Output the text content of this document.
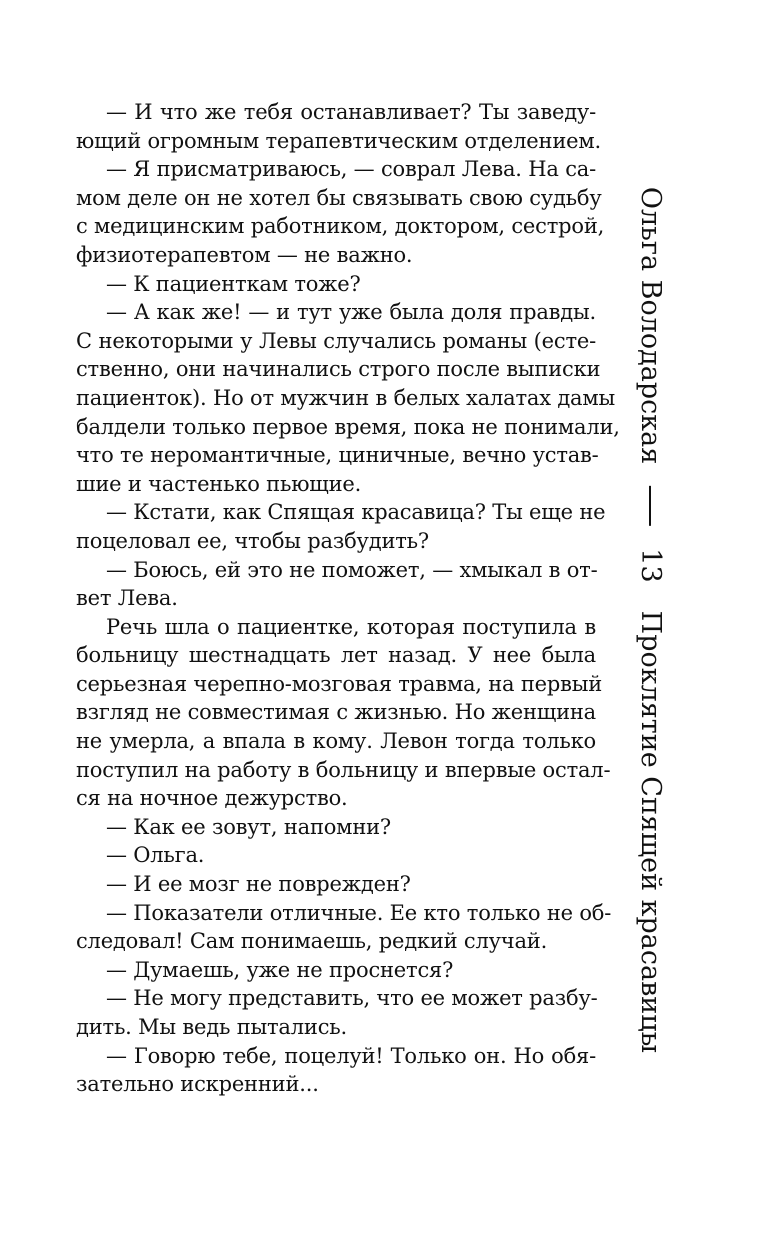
— И что же тебя останавливает? Ты заведу-
ющий огромным терапевтическим отделением.
— Я присматриваюсь, — соврал Лева. На са-
мом деле он не хотел бы связывать свою судьбу
с медицинским работником, доктором, сестрой,
физиотерапевтом — не важно.
— К пациенткам тоже?
— А как же! — и тут уже была доля правды.
С некоторыми у Левы случались романы (есте-
ственно, они начинались строго после выписки
пациенток). Но от мужчин в белых халатах дамы
балдели только первое время, пока не понимали,
что те неромантичные, циничные, вечно устав-
шие и частенько пьющие.
— Кстати, как Спящая красавица? Ты еще не
поцеловал ее, чтобы разбудить?
— Боюсь, ей это не поможет, — хмыкал в от-
вет Лева.
Речь шла о пациентке, которая поступила в
больницу шестнадцать лет назад. У нее была
серьезная черепно-мозговая травма, на первый
взгляд не совместимая с жизнью. Но женщина
не умерла, а впала в кому. Левон тогда только
поступил на работу в больницу и впервые остал-
ся на ночное дежурство.
— Как ее зовут, напомни?
— Ольга.
— И ее мозг не поврежден?
— Показатели отличные. Ее кто только не об-
следовал! Сам понимаешь, редкий случай.
— Думаешь, уже не проснется?
— Не могу представить, что ее может разбу-
дить. Мы ведь пытались.
— Говорю тебе, поцелуй! Только он. Но обя-
зательно искренний...
Ольга Володарская
13
Проклятие Спящей красавицы
